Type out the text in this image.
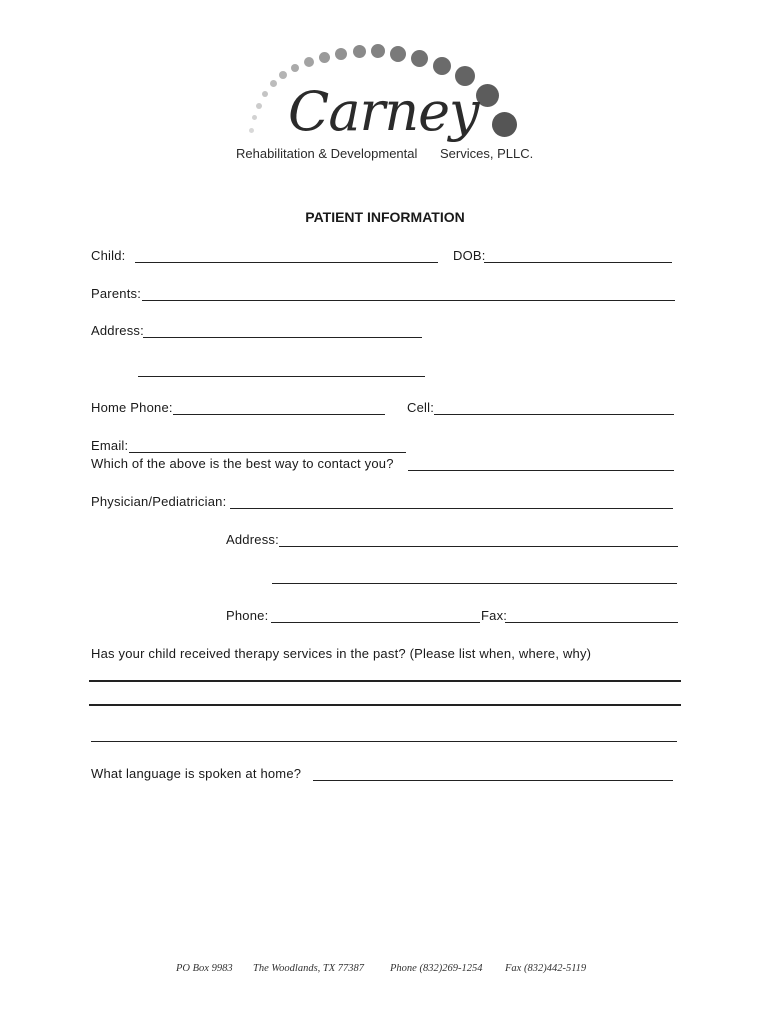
Carney
Rehabilitation & Developmental Services, PLLC.
PATIENT INFORMATION
Child:	DOB:
Parents:
Address:
Home Phone:	Cell:
Email:
Which of the above is the best way to contact you?
Physician/Pediatrician:
Address:
Phone:	Fax:
Has your child received therapy services in the past? (Please list when, where, why)
What language is spoken at home?
PO Box 9983 The Woodlands, TX 77387 Phone (832)269-1254 Fax (832)442-5119
